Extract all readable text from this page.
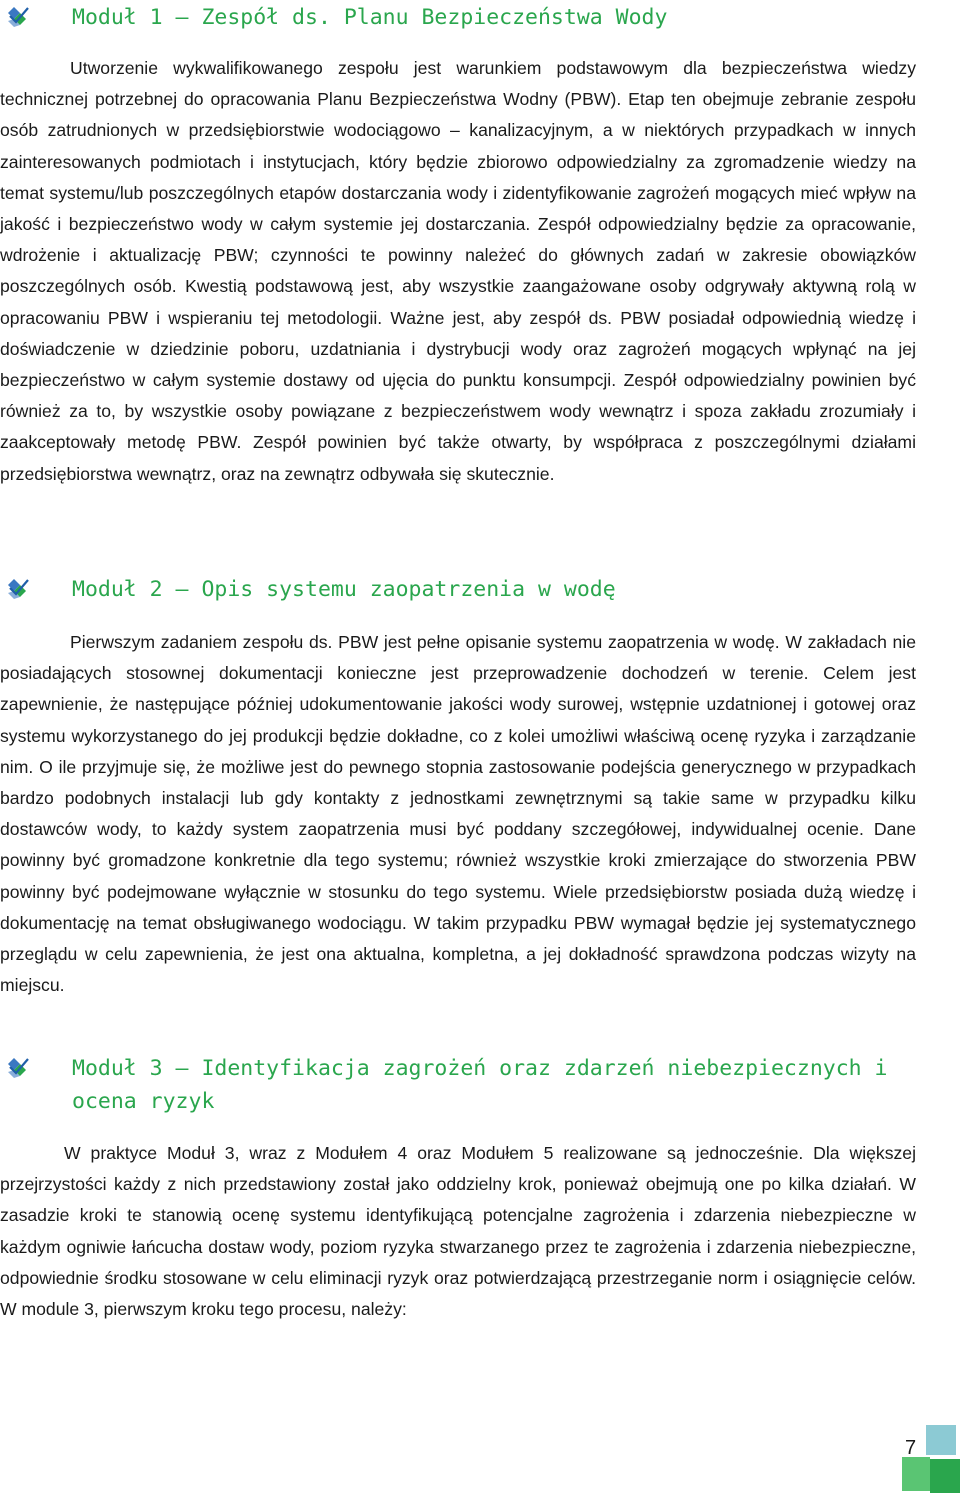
Moduł 1 – Zespół ds. Planu Bezpieczeństwa Wody
Utworzenie wykwalifikowanego zespołu jest warunkiem podstawowym dla bezpieczeństwa wiedzy technicznej potrzebnej do opracowania Planu Bezpieczeństwa Wodny (PBW). Etap ten obejmuje zebranie zespołu osób zatrudnionych w przedsiębiorstwie wodociągowo – kanalizacyjnym, a w niektórych przypadkach w innych zainteresowanych podmiotach i instytucjach, który będzie zbiorowo odpowiedzialny za zgromadzenie wiedzy na temat systemu/lub poszczególnych etapów dostarczania wody i zidentyfikowanie zagrożeń mogących mieć wpływ na jakość i bezpieczeństwo wody w całym systemie jej dostarczania. Zespół odpowiedzialny będzie za opracowanie, wdrożenie i aktualizację PBW; czynności te powinny należeć do głównych zadań w zakresie obowiązków poszczególnych osób. Kwestią podstawową jest, aby wszystkie zaangażowane osoby odgrywały aktywną rolą w opracowaniu PBW i wspieraniu tej metodologii. Ważne jest, aby zespół ds. PBW posiadał odpowiednią wiedzę i doświadczenie w dziedzinie poboru, uzdatniania i dystrybucji wody oraz zagrożeń mogących wpłynąć na jej bezpieczeństwo w całym systemie dostawy od ujęcia do punktu konsumpcji. Zespół odpowiedzialny powinien być również za to, by wszystkie osoby powiązane z bezpieczeństwem wody wewnątrz i spoza zakładu zrozumiały i zaakceptowały metodę PBW. Zespół powinien być także otwarty, by współpraca z poszczególnymi działami przedsiębiorstwa wewnątrz, oraz na zewnątrz odbywała się skutecznie.
Moduł 2 – Opis systemu zaopatrzenia w wodę
Pierwszym zadaniem zespołu ds. PBW jest pełne opisanie systemu zaopatrzenia w wodę. W zakładach nie posiadających stosownej dokumentacji konieczne jest przeprowadzenie dochodzeń w terenie. Celem jest zapewnienie, że następujące później udokumentowanie jakości wody surowej, wstępnie uzdatnionej i gotowej oraz systemu wykorzystanego do jej produkcji będzie dokładne, co z kolei umożliwi właściwą ocenę ryzyka i zarządzanie nim. O ile przyjmuje się, że możliwe jest do pewnego stopnia zastosowanie podejścia generycznego w przypadkach bardzo podobnych instalacji lub gdy kontakty z jednostkami zewnętrznymi są takie same w przypadku kilku dostawców wody, to każdy system zaopatrzenia musi być poddany szczegółowej, indywidualnej ocenie. Dane powinny być gromadzone konkretnie dla tego systemu; również wszystkie kroki zmierzające do stworzenia PBW powinny być podejmowane wyłącznie w stosunku do tego systemu. Wiele przedsiębiorstw posiada dużą wiedzę i dokumentację na temat obsługiwanego wodociągu. W takim przypadku PBW wymagał będzie jej systematycznego przeglądu w celu zapewnienia, że jest ona aktualna, kompletna, a jej dokładność sprawdzona podczas wizyty na miejscu.
Moduł 3 – Identyfikacja zagrożeń oraz zdarzeń niebezpiecznych i ocena ryzyk
W praktyce Moduł 3, wraz z Modułem 4 oraz Modułem 5 realizowane są jednocześnie. Dla większej przejrzystości każdy z nich przedstawiony został jako oddzielny krok, ponieważ obejmują one po kilka działań. W zasadzie kroki te stanowią ocenę systemu identyfikującą potencjalne zagrożenia i zdarzenia niebezpieczne w każdym ogniwie łańcucha dostaw wody, poziom ryzyka stwarzanego przez te zagrożenia i zdarzenia niebezpieczne, odpowiednie środku stosowane w celu eliminacji ryzyk oraz potwierdzającą przestrzeganie norm i osiągnięcie celów. W module 3, pierwszym kroku tego procesu, należy:
7
